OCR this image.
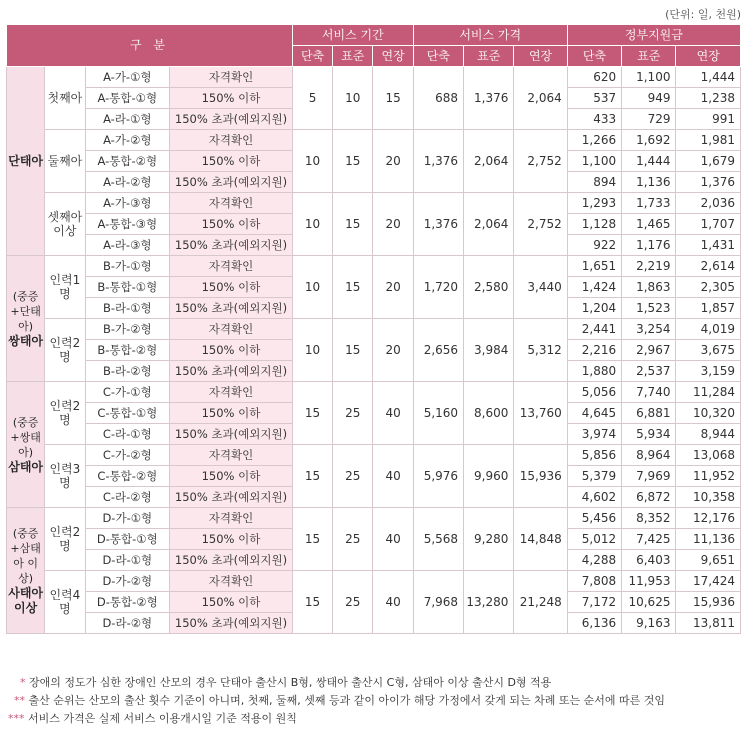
(단위: 일, 천원)
구 분				서비스 기간			서비스 가격			정부지원금		
				단축	표준	연장	단축	표준	연장	단축	표준	연장
단태아	첫째아	A-가-①형	자격확인	5	10	15	688	1,376	2,064	620	1,100	1,444
		A-통합-①형	150% 이하							537	949	1,238
		A-라-①형	150% 초과(예외지원)							433	729	991
	둘째아	A-가-②형	자격확인	10	15	20	1,376	2,064	2,752	1,266	1,692	1,981
		A-통합-②형	150% 이하							1,100	1,444	1,679
		A-라-②형	150% 초과(예외지원)							894	1,136	1,376
	셋째아 이상	A-가-③형	자격확인	10	15	20	1,376	2,064	2,752	1,293	1,733	2,036
		A-통합-③형	150% 이하							1,128	1,465	1,707
		A-라-③형	150% 초과(예외지원)							922	1,176	1,431

(중증+단태아)
쌍태아	인력1명	B-가-①형	자격확인	10	15	20	1,720	2,580	3,440	1,651	2,219	2,614
		B-통합-①형	150% 이하							1,424	1,863	2,305
		B-라-①형	150% 초과(예외지원)							1,204	1,523	1,857
	인력2명	B-가-②형	자격확인	10	15	20	2,656	3,984	5,312	2,441	3,254	4,019
		B-통합-②형	150% 이하							2,216	2,967	3,675
		B-라-②형	150% 초과(예외지원)							1,880	2,537	3,159

(중증+쌍태아)
삼태아	인력2명	C-가-①형	자격확인	15	25	40	5,160	8,600	13,760	5,056	7,740	11,284
		C-통합-①형	150% 이하							4,645	6,881	10,320
		C-라-①형	150% 초과(예외지원)							3,974	5,934	8,944
	인력3명	C-가-②형	자격확인	15	25	40	5,976	9,960	15,936	5,856	8,964	13,068
		C-통합-②형	150% 이하							5,379	7,969	11,952
		C-라-②형	150% 초과(예외지원)							4,602	6,872	10,358

(중증+삼태아 이상)
사태아 이상	인력2명	D-가-①형	자격확인	15	25	40	5,568	9,280	14,848	5,456	8,352	12,176
		D-통합-①형	150% 이하							5,012	7,425	11,136
		D-라-①형	150% 초과(예외지원)							4,288	6,403	9,651
	인력4명	D-가-②형	자격확인	15	25	40	7,968	13,280	21,248	7,808	11,953	17,424
		D-통합-②형	150% 이하							7,172	10,625	15,936
		D-라-②형	150% 초과(예외지원)							6,136	9,163	13,811
* 장애의 정도가 심한 장애인 산모의 경우 단태아 출산시 B형, 쌍태아 출산시 C형, 삼태아 이상 출산시 D형 적용
** 출산 순위는 산모의 출산 횟수 기준이 아니며, 첫째, 둘째, 셋째 등과 같이 아이가 해당 가정에서 갖게 되는 차례 또는 순서에 따른 것임
*** 서비스 가격은 실제 서비스 이용개시일 기준 적용이 원칙
